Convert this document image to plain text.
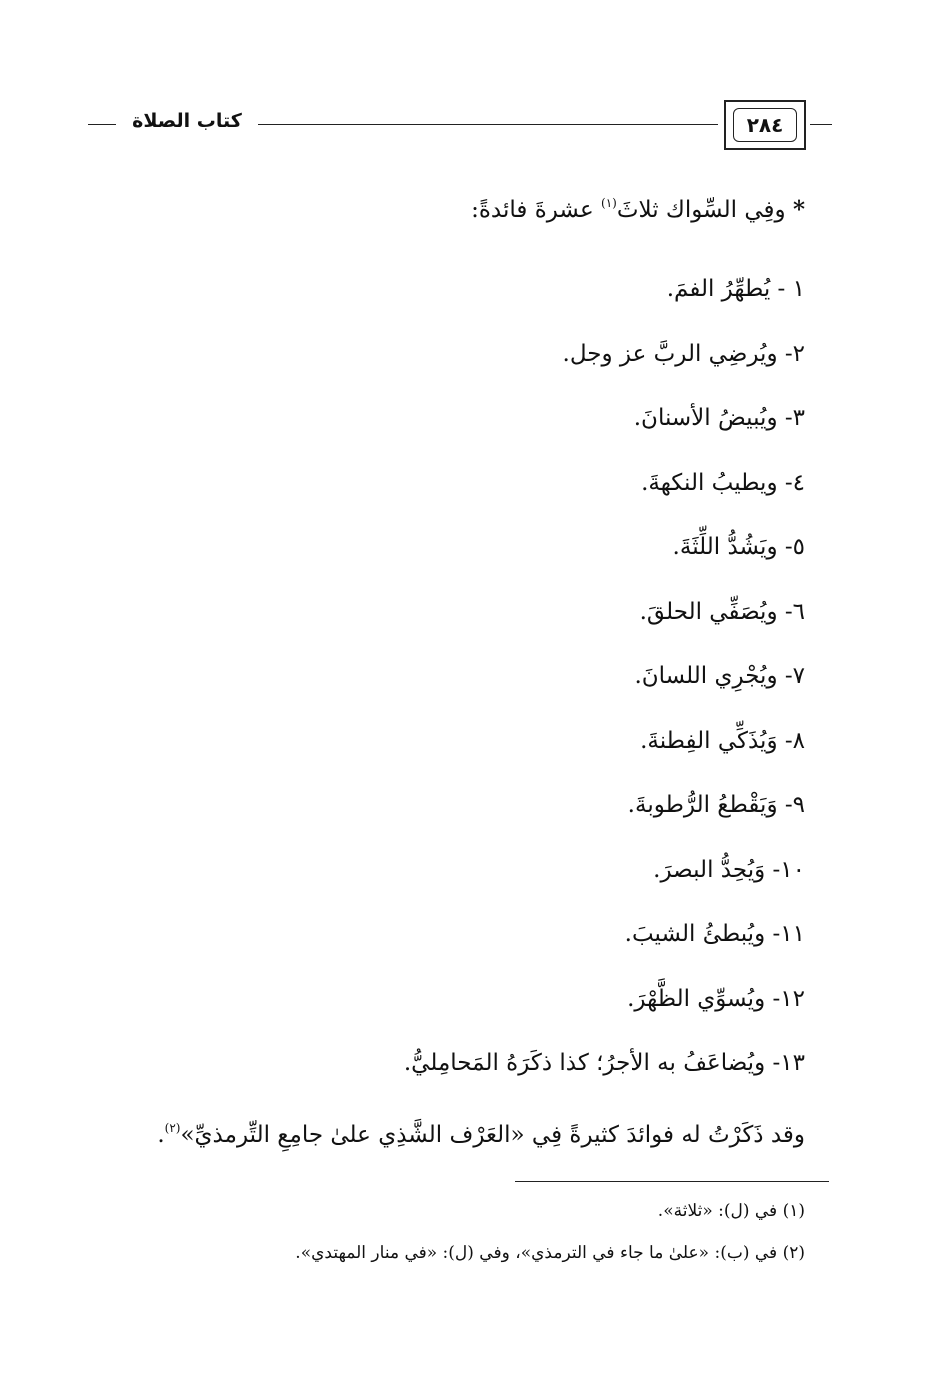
كتاب الصلاة	٢٨٤
* وفِي السِّواك ثلاثَ$^{(١)}$ عشرةَ فائدةً:
١ - يُطهِّرُ الفمَ.
٢- ويُرضِي الربَّ عز وجل.
٣- ويُبيضُ الأسنانَ.
٤- ويطيبُ النكهةَ.
٥- ويَشُدُّ اللِّثَةَ.
٦- ويُصَفِّي الحلقَ.
٧- ويُجْرِي اللسانَ.
٨- وَيُذَكِّي الفِطنةَ.
٩- وَيَقْطعُ الرُّطوبةَ.
١٠- وَيُحِدُّ البصرَ.
١١- ويُبطئُ الشيبَ.
١٢- ويُسوِّي الظَّهْرَ.
١٣- ويُضاعَفُ به الأجرُ؛ كذا ذكَرَهُ المَحامِليُّ.
وقد ذَكَرْتُ له فوائدَ كثيرةً فِي «العَرْف الشَّذِي علىٰ جامِعِ التِّرمذيِّ»$^{(٢)}$.
(١) في (ل): «ثلاثة».
(٢) في (ب): «علىٰ ما جاء في الترمذي»، وفي (ل): «في منار المهتدي».
